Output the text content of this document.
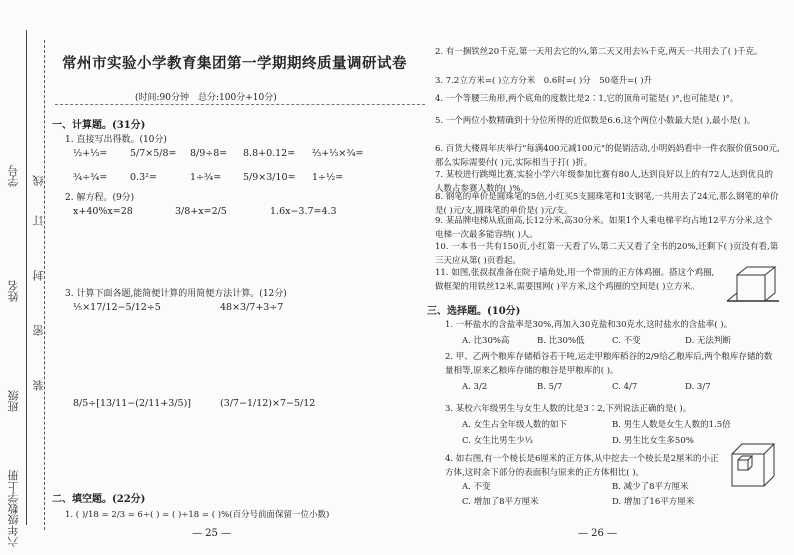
六年级数学上册
班级
姓名
学号 线
订
封
密
装
常州市实验小学教育集团第一学期期终质量调研试卷
(时间:90分钟　总分:100分+10分)
一、计算题。(31分)
1. 直接写出得数。(10分)
½+⅓= 5/7×5/8= 8/9÷8= 8.8+0.12= ⅔+⅓×¾=
¾÷¾= 0.3²=	1÷¾= 5/9×3/10= 1÷½=
2. 解方程。(9分)
x+40%x=28	3/8+x=2/5	1.6x−3.7=4.3
3. 计算下面各题,能简便计算的用简便方法计算。(12分)
⅕×17/12−5/12÷5	48×3/7+3÷7
8/5÷[13/11−(2/11+3/5)]	(3/7−1/12)×7−5/12
二、填空题。(22分)
1. ( )/18 = 2/3 = 6÷( ) = ( )÷18 = ( )%(百分号前面保留一位小数)
— 25 —
2. 有一捆铁丝20千克,第一天用去它的¼,第二天又用去¾千克,两天一共用去了( )千克。
3. 7.2立方米=( )立方分米　0.6时=( )分　50毫升=( )升
4. 一个等腰三角形,两个底角的度数比是2∶1,它的顶角可能是( )°,也可能是( )°。
5. 一个两位小数精确到十分位所得的近似数是6.6,这个两位小数最大是( ),最小是( )。
6. 百货大楼周年庆举行"每满400元减100元"的促销活动,小明妈妈看中一件衣服价值500元,那么实际需要付( )元,实际相当于打( )折。
7. 某校进行跳绳比赛,实验小学六年级参加比赛有80人,达到良好以上的有72人,达到优良的人数占参赛人数的( )%。
8. 钢笔的单价是圆珠笔的5倍,小红买5支圆珠笔和1支钢笔,一共用去了24元,那么钢笔的单价是( )元/支,圆珠笔的单价是( )元/支。
9. 某品牌电梯从底面高,长12分米,高30分米。如果1个人乘电梯平均占地12平方分米,这个电梯一次最多能容纳( )人。
10. 一本书一共有150页,小红第一天看了⅓,第二天又看了全书的20%,还剩下( )页没有看,第三天应从第( )页看起。
11. 如图,张叔叔准备在院子墙角处,用一个带顶的正方体鸡圈。搭这个鸡圈,做框架的用铁丝12米,需要围网( )平方米,这个鸡圈的空间是( )立方米。
三、选择题。(10分)
1. 一杯盐水的含盐率是30%,再加入30克盐和30克水,这时盐水的含盐率( )。
A. 比30%高	B. 比30%低	C. 不变	D. 无法判断
2. 甲、乙两个粮库存储稻谷若干吨,运走甲粮库稻谷的2/9给乙粮库后,两个粮库存储的数量相等,原来乙粮库存储的粮谷是甲粮库的( )。
A. 3/2	B. 5/7	C. 4/7	D. 3/7
3. 某校六年级男生与女生人数的比是3∶2,下列说法正确的是( )。
A. 女生占全年级人数的如下	B. 男生人数是女生人数的1.5倍
C. 女生比男生少⅓	D. 男生比女生多50%
4. 如右图,有一个棱长是6厘米的正方体,从中挖去一个棱长是2厘米的小正方体,这时余下部分的表面积与原来的正方体相比( )。
A. 不变	B. 减少了8平方厘米
C. 增加了8平方厘米	D. 增加了16平方厘米
— 26 —
